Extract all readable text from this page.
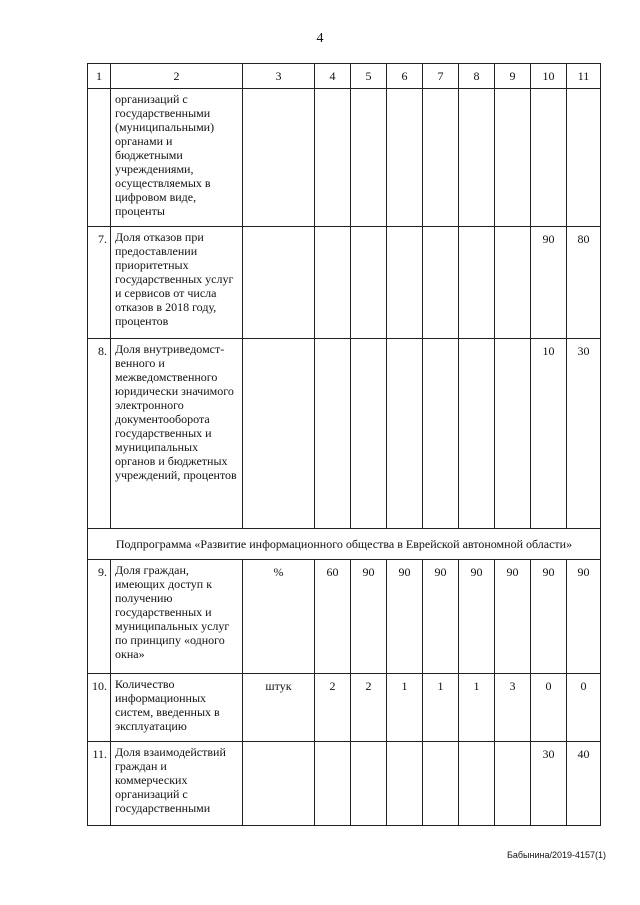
4
1	2	3	4	5	6	7	8	9	10	11
	организаций с государственными (муниципальными) органами и бюджетными учреждениями, осуществляемых в цифровом виде, проценты									
7.	Доля отказов при предоставлении приоритетных государственных услуг и сервисов от числа отказов в 2018 году, процентов								90	80
8.	Доля внутриведомст-венного и межведомственного юридически значимого электронного документооборота государственных и муниципальных органов и бюджетных учреждений, процентов								10	30
Подпрограмма «Развитие информационного общества в Еврейской автономной области»										
9.	Доля граждан, имеющих доступ к получению государственных и муниципальных услуг по принципу «одного окна»	%	60	90	90	90	90	90	90	90
10.	Количество информационных систем, введенных в эксплуатацию	штук	2	2	1	1	1	3	0	0
11.	Доля взаимодействий граждан и коммерческих организаций с государственными								30	40
Бабынина/2019-4157(1)
